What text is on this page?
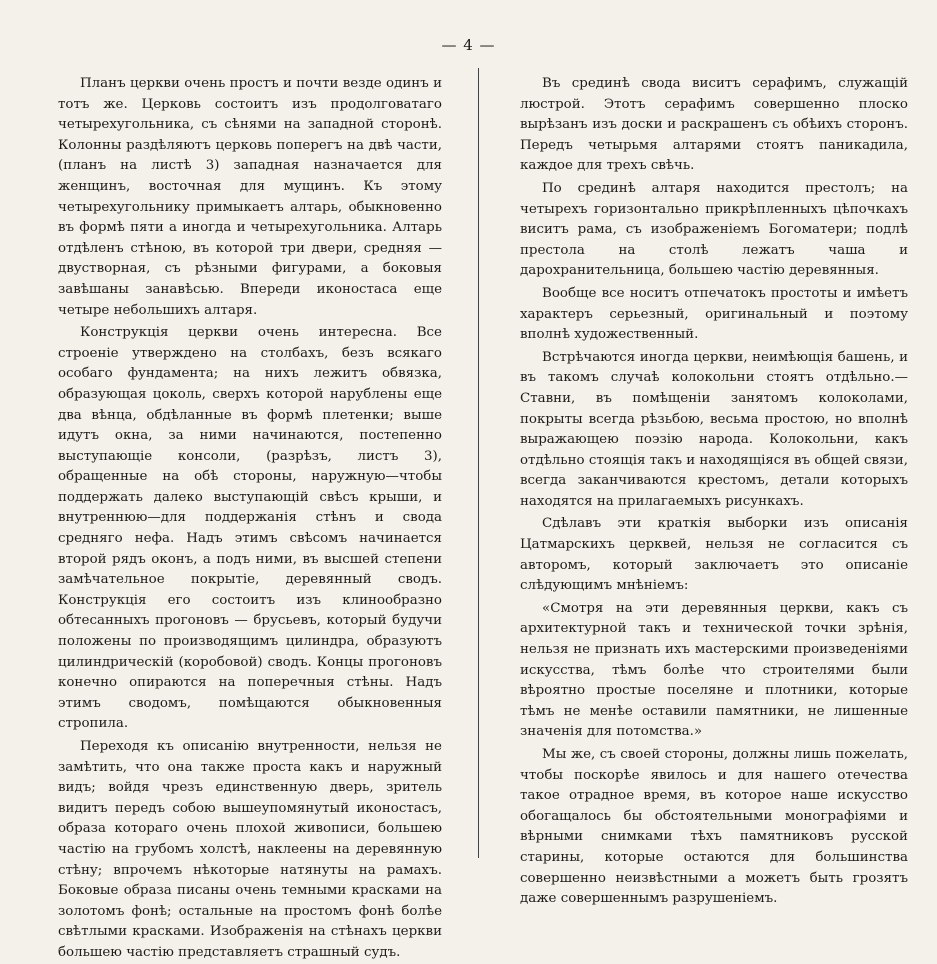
— 4 —

Планъ церкви очень простъ и почти везде одинъ и тотъ же. Церковь состоитъ изъ продолговатаго четырехугольника, съ сѣнями на западной сторонѣ. Колонны раздѣляютъ церковь поперегъ на двѣ части, (планъ на листѣ 3) западная назначается для женщинъ, восточная для мущинъ. Къ этому четырехугольнику примыкаетъ алтарь, обыкновенно въ формѣ пяти а иногда и четырехугольника. Алтарь отдѣленъ стѣною, въ которой три двери, средняя — двустворная, съ рѣзными фигурами, а боковыя завѣшаны занавѣсью. Впереди иконостаса еще четыре небольшихъ алтаря.

Конструкція церкви очень интересна. Все строеніе утверждено на столбахъ, безъ всякаго особаго фундамента; на нихъ лежитъ обвязка, образующая цоколь, сверхъ которой нарублены еще два вѣнца, обдѣланные въ формѣ плетенки; выше идутъ окна, за ними начинаются, постепенно выступающіе консоли, (разрѣзъ, листъ 3), обращенные на обѣ стороны, наружную—чтобы поддержать далеко выступающій свѣсъ крыши, и внутреннюю—для поддержанія стѣнъ и свода средняго нефа. Надъ этимъ свѣсомъ начинается второй рядъ оконъ, а подъ ними, въ высшей степени замѣчательное покрытіе, деревянный сводъ. Конструкція его состоитъ изъ клинообразно обтесанныхъ прогоновъ — брусьевъ, который будучи положены по производящимъ цилиндра, образуютъ цилиндрическій (коробовой) сводъ. Концы прогоновъ конечно опираются на поперечныя стѣны. Надъ этимъ сводомъ, помѣщаются обыкновенныя стропила.

Переходя къ описанію внутренности, нельзя не замѣтить, что она также проста какъ и наружный видъ; войдя чрезъ единственную дверь, зритель видитъ передъ собою вышеупомянутый иконостасъ, образа котораго очень плохой живописи, большею частію на грубомъ холстѣ, наклеены на деревянную стѣну; впрочемъ нѣкоторые натянуты на рамахъ. Боковые образа писаны очень темными красками на золотомъ фонѣ; остальные на простомъ фонѣ болѣе свѣтлыми красками. Изображенія на стѣнахъ церкви большею частію представляетъ страшный судъ.

Въ срединѣ свода виситъ серафимъ, служащій люстрой. Этотъ серафимъ совершенно плоско вырѣзанъ изъ доски и раскрашенъ съ обѣихъ сторонъ. Передъ четырьмя алтарями стоятъ паникадила, каждое для трехъ свѣчь.

По срединѣ алтаря находится престолъ; на четырехъ горизонтально прикрѣпленныхъ цѣпочкахъ виситъ рама, съ изображеніемъ Богоматери; подлѣ престола на столѣ лежатъ чаша и дарохранительница, большею частію деревянныя.

Вообще все носитъ отпечатокъ простоты и имѣетъ характеръ серьезный, оригинальный и поэтому вполнѣ художественный.

Встрѣчаются иногда церкви, неимѣющія башень, и въ такомъ случаѣ колокольни стоятъ отдѣльно.—Ставни, въ помѣщеніи занятомъ колоколами, покрыты всегда рѣзьбою, весьма простою, но вполнѣ выражающею поэзію народа. Колокольни, какъ отдѣльно стоящія такъ и находящіяся въ общей связи, всегда заканчиваются крестомъ, детали которыхъ находятся на прилагаемыхъ рисункахъ.

Сдѣлавъ эти краткія выборки изъ описанія Цатмарскихъ церквей, нельзя не согласится съ авторомъ, который заключаетъ это описаніе слѣдующимъ мнѣніемъ:

«Смотря на эти деревянныя церкви, какъ съ архитектурной такъ и технической точки зрѣнія, нельзя не признать ихъ мастерскими произведеніями искусства, тѣмъ болѣе что строителями были вѣроятно простые поселяне и плотники, которые тѣмъ не менѣе оставили памятники, не лишенные значенія для потомства.»

Мы же, съ своей стороны, должны лишь пожелать, чтобы поскорѣе явилось и для нашего отечества такое отрадное время, въ которое наше искусство обогащалось бы обстоятельными монографіями и вѣрными снимками тѣхъ памятниковъ русской старины, которые остаются для большинства совершенно неизвѣстными а можетъ быть грозятъ даже совершеннымъ разрушеніемъ.
